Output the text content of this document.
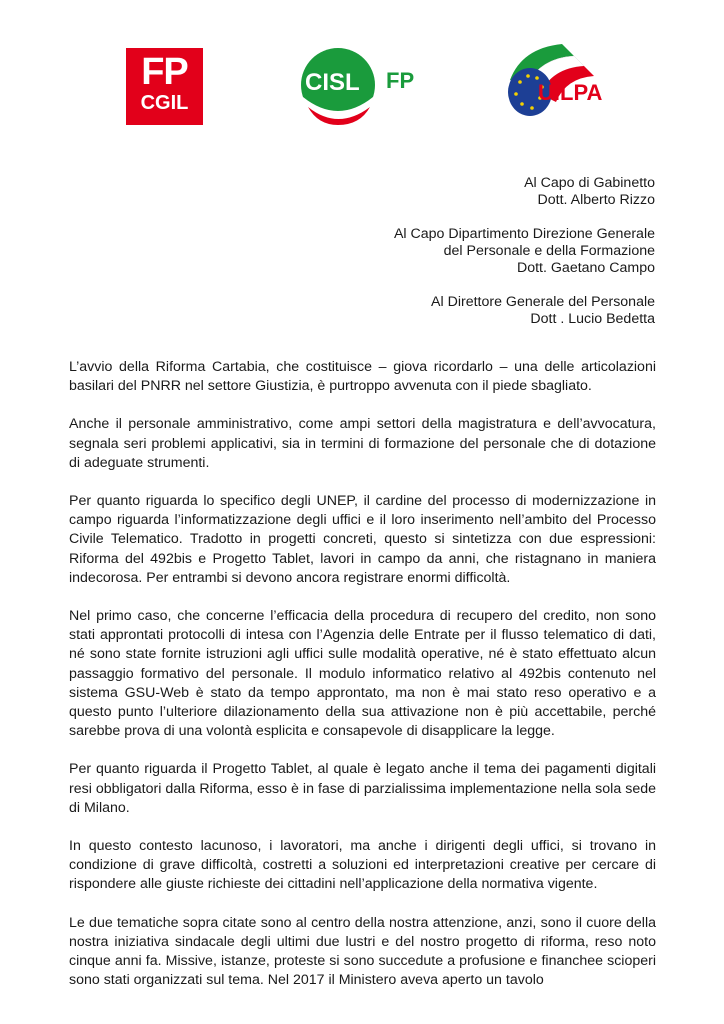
FP
CGIL
CISL FP	UILPA
Al Capo di Gabinetto
Dott. Alberto Rizzo
Al Capo Dipartimento Direzione Generale
del Personale e della Formazione
Dott. Gaetano Campo
Al Direttore Generale del Personale
Dott . Lucio Bedetta

L’avvio della Riforma Cartabia, che costituisce – giova ricordarlo – una delle articolazioni basilari del PNRR nel settore Giustizia, è purtroppo avvenuta con il piede sbagliato.

Anche il personale amministrativo, come ampi settori della magistratura e dell’avvocatura, segnala seri problemi applicativi, sia in termini di formazione del personale che di dotazione di adeguate strumenti.

Per quanto riguarda lo specifico degli UNEP, il cardine del processo di modernizzazione in campo riguarda l’informatizzazione degli uffici e il loro inserimento nell’ambito del Processo Civile Telematico. Tradotto in progetti concreti, questo si sintetizza con due espressioni: Riforma del 492bis e Progetto Tablet, lavori in campo da anni, che ristagnano in maniera indecorosa. Per entrambi si devono ancora registrare enormi difficoltà.

Nel primo caso, che concerne l’efficacia della procedura di recupero del credito, non sono stati approntati protocolli di intesa con l’Agenzia delle Entrate per il flusso telematico di dati, né sono state fornite istruzioni agli uffici sulle modalità operative, né è stato effettuato alcun passaggio formativo del personale. Il modulo informatico relativo al 492bis contenuto nel sistema GSU-Web è stato da tempo approntato, ma non è mai stato reso operativo e a questo punto l’ulteriore dilazionamento della sua attivazione non è più accettabile, perché sarebbe prova di una volontà esplicita e consapevole di disapplicare la legge.

Per quanto riguarda il Progetto Tablet, al quale è legato anche il tema dei pagamenti digitali resi obbligatori dalla Riforma, esso è in fase di parzialissima implementazione nella sola sede di Milano.

In questo contesto lacunoso, i lavoratori, ma anche i dirigenti degli uffici, si trovano in condizione di grave difficoltà, costretti a soluzioni ed interpretazioni creative per cercare di rispondere alle giuste richieste dei cittadini nell’applicazione della normativa vigente.

Le due tematiche sopra citate sono al centro della nostra attenzione, anzi, sono il cuore della nostra iniziativa sindacale degli ultimi due lustri e del nostro progetto di riforma, reso noto cinque anni fa. Missive, istanze, proteste si sono succedute a profusione e financhee scioperi sono stati organizzati sul tema. Nel 2017 il Ministero aveva aperto un tavolo
